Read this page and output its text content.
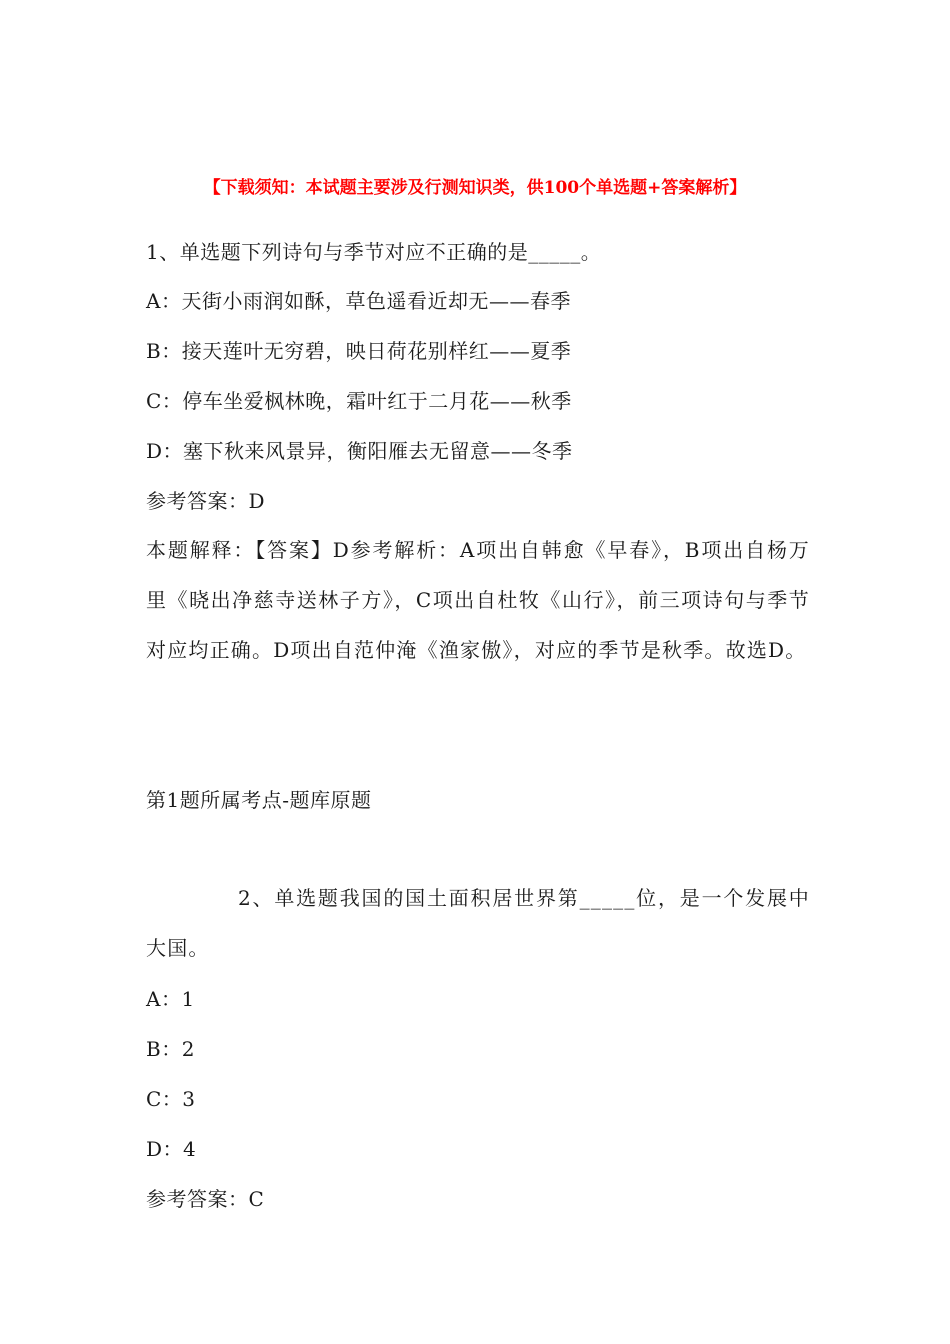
【下载须知：本试题主要涉及行测知识类，供100个单选题+答案解析】
1、单选题下列诗句与季节对应不正确的是_____。
A：天街小雨润如酥，草色遥看近却无——春季
B：接天莲叶无穷碧，映日荷花别样红——夏季
C：停车坐爱枫林晚，霜叶红于二月花——秋季
D：塞下秋来风景异，衡阳雁去无留意——冬季
参考答案：D
本题解释：【答案】D参考解析：A项出自韩愈《早春》，B项出自杨万里《晓出净慈寺送林子方》，C项出自杜牧《山行》，前三项诗句与季节对应均正确。D项出自范仲淹《渔家傲》，对应的季节是秋季。故选D。
第1题所属考点-题库原题
2、单选题我国的国土面积居世界第_____位，是一个发展中大国。
A：1
B：2
C：3
D：4
参考答案：C
